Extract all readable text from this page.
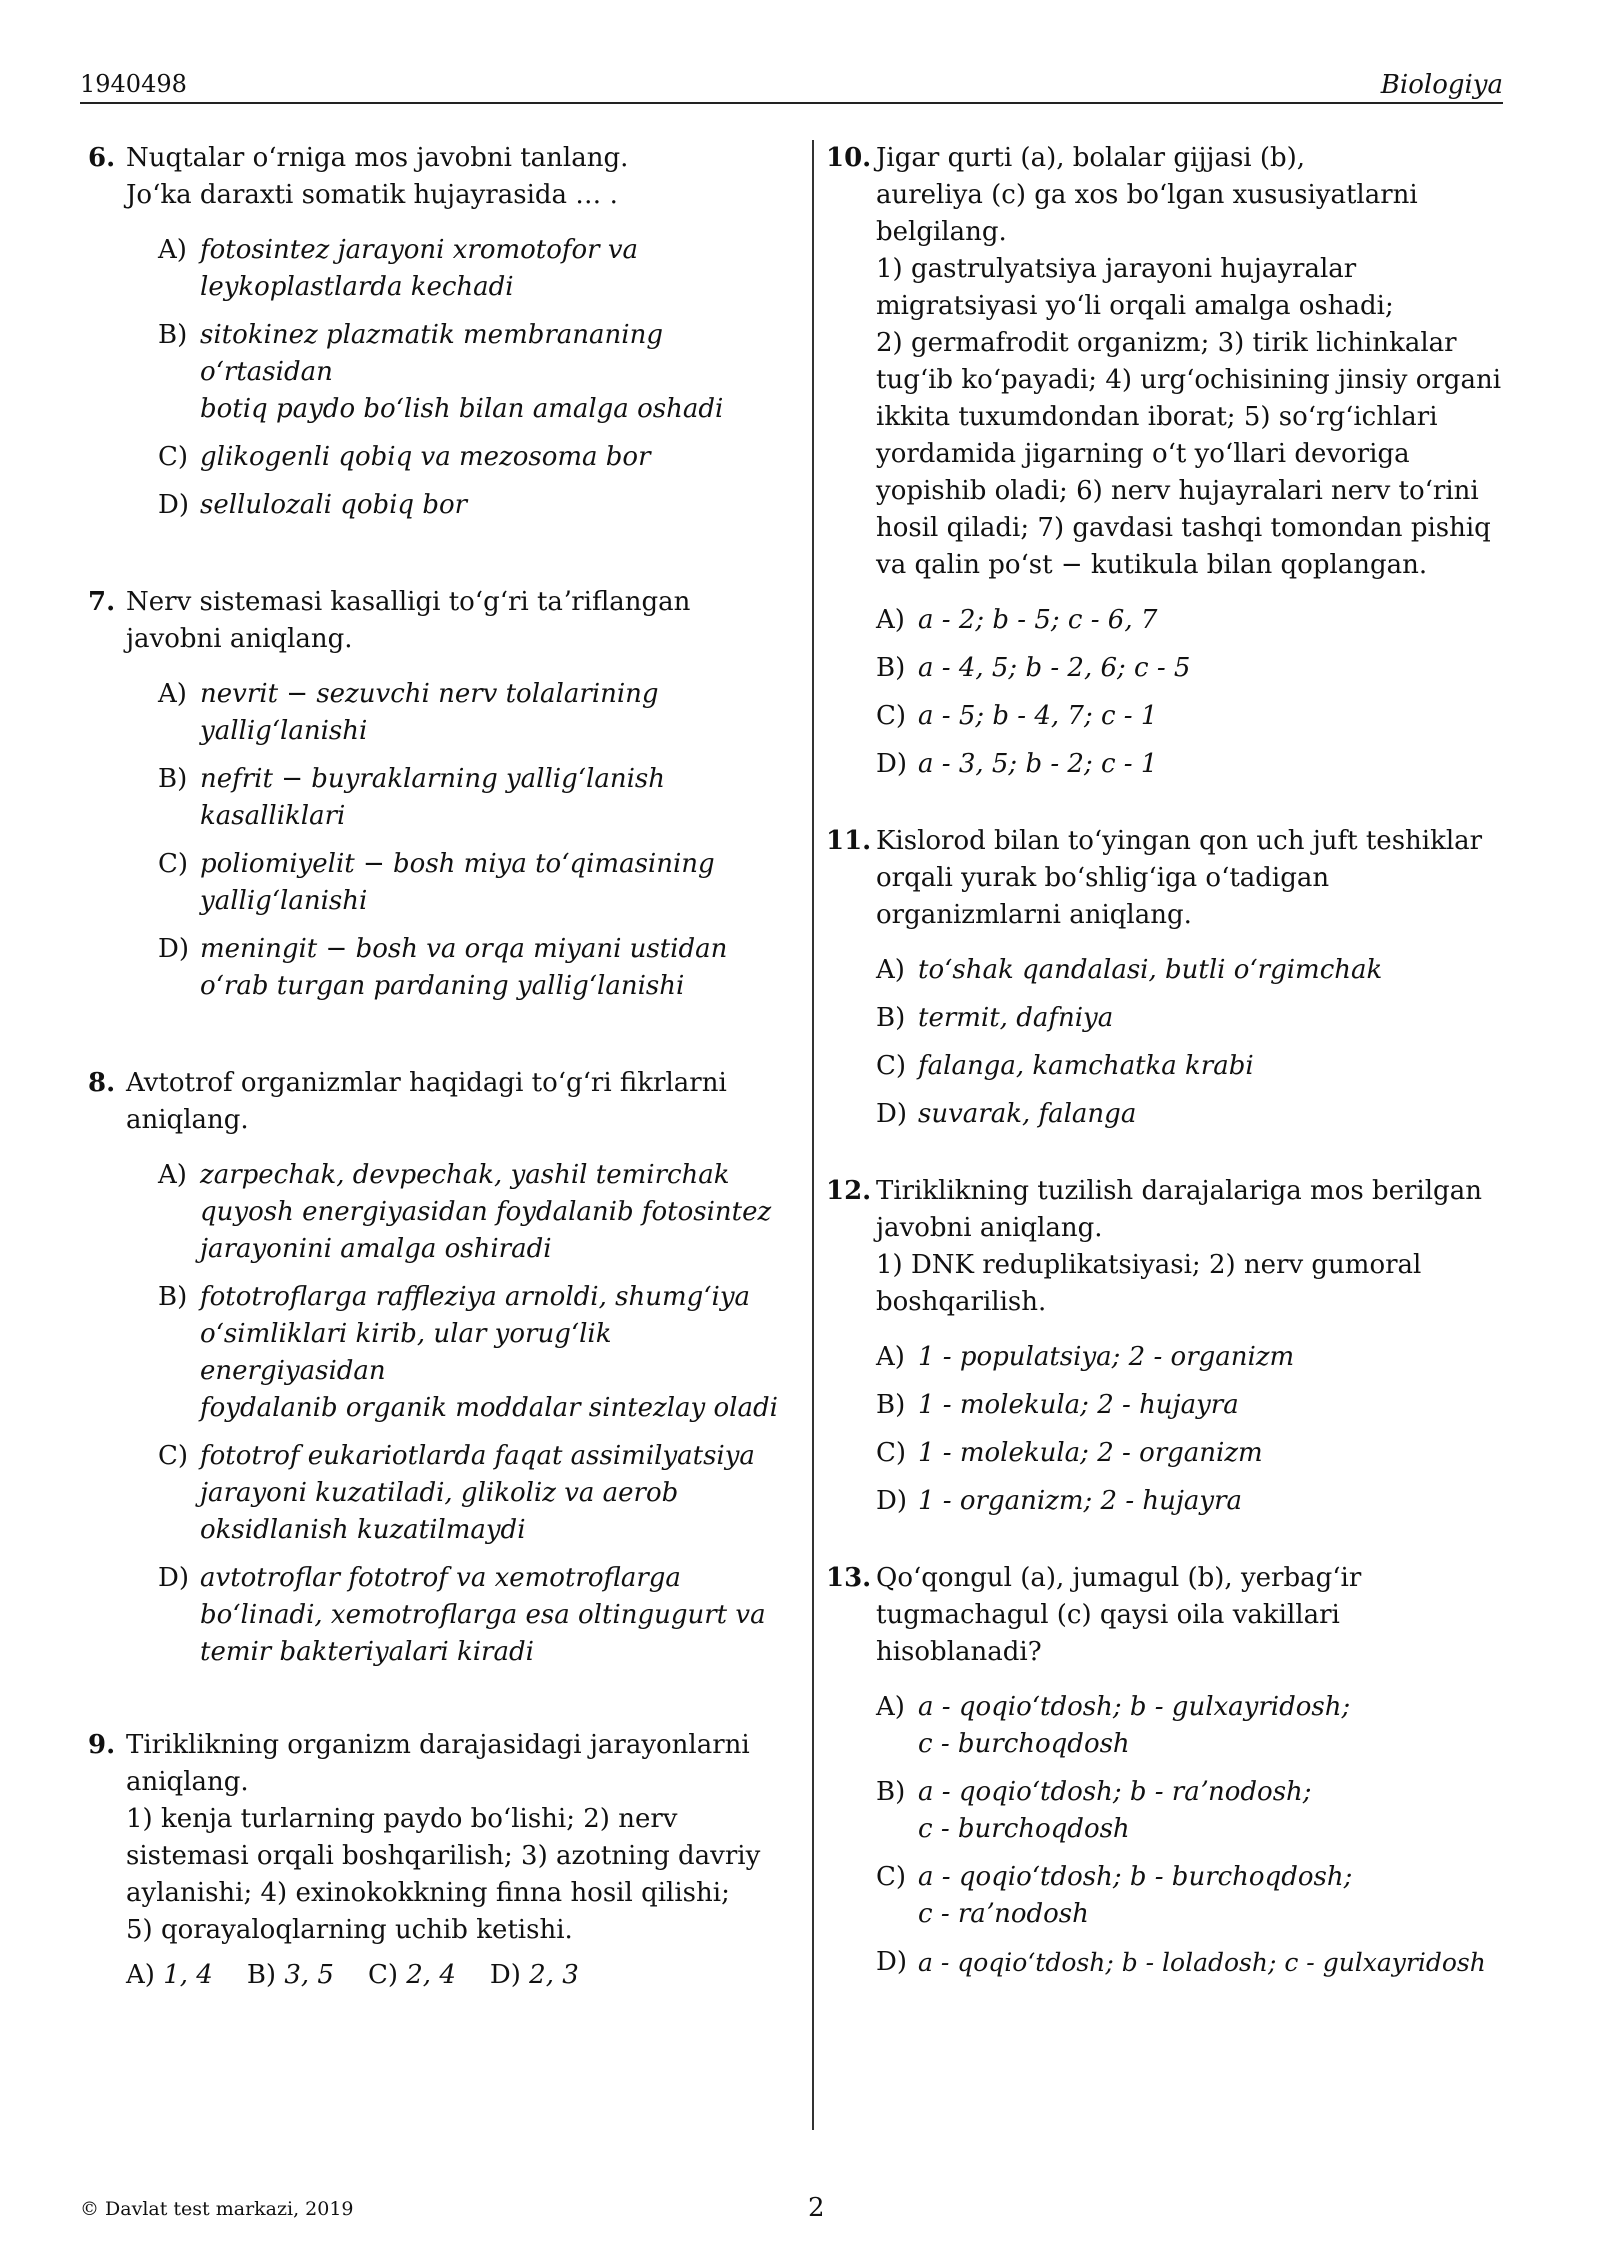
1940498	Biologiya
6. Nuqtalar oʻrniga mos javobni tanlang.
Joʻka daraxti somatik hujayrasida … .
A) fotosintez jarayoni xromotofor va
leykoplastlarda kechadi
B) sitokinez plazmatik membrananing oʻrtasidan
botiq paydo boʻlish bilan amalga oshadi
C) glikogenli qobiq va mezosoma bor
D) sellulozali qobiq bor
7. Nerv sistemasi kasalligi toʻgʻri taʼriflangan
javobni aniqlang.
A) nevrit − sezuvchi nerv tolalarining
yalligʻlanishi
B) nefrit − buyraklarning yalligʻlanish
kasalliklari
C) poliomiyelit − bosh miya toʻqimasining
yalligʻlanishi
D) meningit − bosh va orqa miyani ustidan
oʻrab turgan pardaning yalligʻlanishi
8. Avtotrof organizmlar haqidagi toʻgʻri fikrlarni
aniqlang.
A) zarpechak, devpechak, yashil temirchak
quyosh energiyasidan foydalanib fotosintez
jarayonini amalga oshiradi
B) fototroflarga raffleziya arnoldi, shumgʻiya
oʻsimliklari kirib, ular yorugʻlik energiyasidan
foydalanib organik moddalar sintezlay oladi
C) fototrof eukariotlarda faqat assimilyatsiya
jarayoni kuzatiladi, glikoliz va aerob
oksidlanish kuzatilmaydi
D) avtotroflar fototrof va xemotroflarga
boʻlinadi, xemotroflarga esa oltingugurt va
temir bakteriyalari kiradi
9. Tiriklikning organizm darajasidagi jarayonlarni
aniqlang.
1) kenja turlarning paydo boʻlishi; 2) nerv
sistemasi orqali boshqarilish; 3) azotning davriy
aylanishi; 4) exinokokkning finna hosil qilishi;
5) qorayaloqlarning uchib ketishi.
A) 1, 4 B) 3, 5 C) 2, 4 D) 2, 3
10. Jigar qurti (a), bolalar gijjasi (b),
aureliya (c) ga xos boʻlgan xususiyatlarni
belgilang.
1) gastrulyatsiya jarayoni hujayralar
migratsiyasi yoʻli orqali amalga oshadi;
2) germafrodit organizm; 3) tirik lichinkalar
tugʻib koʻpayadi; 4) urgʻochisining jinsiy organi
ikkita tuxumdondan iborat; 5) soʻrgʻichlari
yordamida jigarning oʻt yoʻllari devoriga
yopishib oladi; 6) nerv hujayralari nerv toʻrini
hosil qiladi; 7) gavdasi tashqi tomondan pishiq
va qalin poʻst − kutikula bilan qoplangan.
A) a - 2; b - 5; c - 6, 7
B) a - 4, 5; b - 2, 6; c - 5
C) a - 5; b - 4, 7; c - 1
D) a - 3, 5; b - 2; c - 1
11. Kislorod bilan toʻyingan qon uch juft teshiklar
orqali yurak boʻshligʻiga oʻtadigan
organizmlarni aniqlang.
A) toʻshak qandalasi, butli oʻrgimchak
B) termit, dafniya
C) falanga, kamchatka krabi
D) suvarak, falanga
12. Tiriklikning tuzilish darajalariga mos berilgan
javobni aniqlang.
1) DNK reduplikatsiyasi; 2) nerv gumoral
boshqarilish.
A) 1 - populatsiya; 2 - organizm
B) 1 - molekula; 2 - hujayra
C) 1 - molekula; 2 - organizm
D) 1 - organizm; 2 - hujayra
13. Qoʻqongul (a), jumagul (b), yerbagʻir
tugmachagul (c) qaysi oila vakillari
hisoblanadi?
A) a - qoqioʻtdosh; b - gulxayridosh;
c - burchoqdosh
B) a - qoqioʻtdosh; b - raʼnodosh;
c - burchoqdosh
C) a - qoqioʻtdosh; b - burchoqdosh;
c - raʼnodosh
D) a - qoqioʻtdosh; b - loladosh; c - gulxayridosh
© Davlat test markazi, 2019	2
